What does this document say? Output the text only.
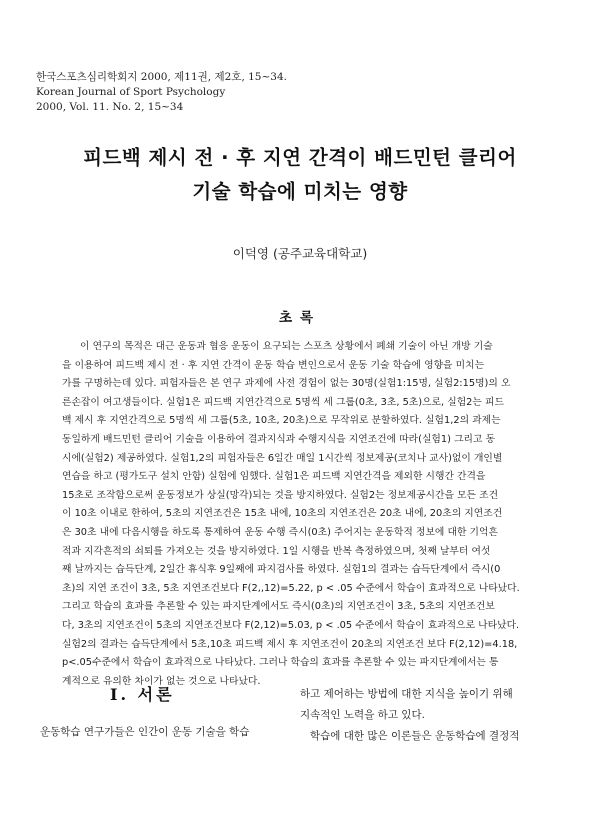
한국스포츠심리학회지 2000, 제11권, 제2호, 15~34.
Korean Journal of Sport Psychology
2000, Vol. 11. No. 2, 15~34
피드백 제시 전 · 후 지연 간격이 배드민턴 클리어
기술 학습에 미치는 영향
이덕영 (공주교육대학교)
초록
이 연구의 목적은 대근 운동과 협응 운동이 요구되는 스포츠 상황에서 폐쇄 기술이 아닌 개방 기술
을 이용하여 피드백 제시 전 · 후 지연 간격이 운동 학습 변인으로서 운동 기술 학습에 영향을 미치는
가를 구명하는데 있다. 피험자들은 본 연구 과제에 사전 경험이 없는 30명(실험1:15명, 실험2:15명)의 오
른손잡이 여고생들이다. 실험1은 피드백 지연간격으로 5명씩 세 그룹(0초, 3초, 5초)으로, 실험2는 피드
백 제시 후 지연간격으로 5명씩 세 그룹(5초, 10초, 20초)으로 무작위로 분할하였다. 실험1,2의 과제는
동일하게 배드민턴 클리어 기술을 이용하여 결과지식과 수행지식을 지연조건에 따라(실험1) 그리고 동
시에(실험2) 제공하였다. 실험1,2의 피험자들은 6일간 매일 1시간씩 정보제공(코치나 교사)없이 개인별
연습을 하고 (평가도구 설치 안함) 실험에 임했다. 실험1은 피드백 지연간격을 제외한 시행간 간격을
15초로 조작함으로써 운동정보가 상실(망각)되는 것을 방지하였다. 실험2는 정보제공시간을 모든 조건
이 10초 이내로 한하여, 5초의 지연조건은 15초 내에, 10초의 지연조건은 20초 내에, 20초의 지연조건
은 30초 내에 다음시행을 하도록 통제하여 운동 수행 즉시(0초) 주어지는 운동학적 정보에 대한 기억흔
적과 지각흔적의 쇠퇴를 가져오는 것을 방지하였다. 1일 시행을 반복 측정하였으며, 첫째 날부터 여섯
째 날까지는 습득단계, 2일간 휴식후 9일째에 파지검사를 하였다. 실험1의 결과는 습득단계에서 즉시(0
초)의 지연 조건이 3초, 5초 지연조건보다 F(2,,12)=5.22, p < .05 수준에서 학습이 효과적으로 나타났다.
그리고 학습의 효과를 추론할 수 있는 파지단계에서도 즉시(0초)의 지연조건이 3초, 5초의 지연조건보
다, 3초의 지연조건이 5초의 지연조건보다 F(2,12)=5.03, p < .05 수준에서 학습이 효과적으로 나타났다.
실험2의 결과는 습득단계에서 5초,10초 피드백 제시 후 지연조건이 20초의 지연조건 보다 F(2,12)=4.18,
p<.05수준에서 학습이 효과적으로 나타났다. 그러나 학습의 효과를 추론할 수 있는 파지단계에서는 통
계적으로 유의한 차이가 없는 것으로 나타났다.
Ⅰ. 서론
운동학습 연구가들은 인간이 운동 기술을 학습
하고 제어하는 방법에 대한 지식을 높이기 위해
지속적인 노력을 하고 있다.
학습에 대한 많은 이론들은 운동학습에 결정적
